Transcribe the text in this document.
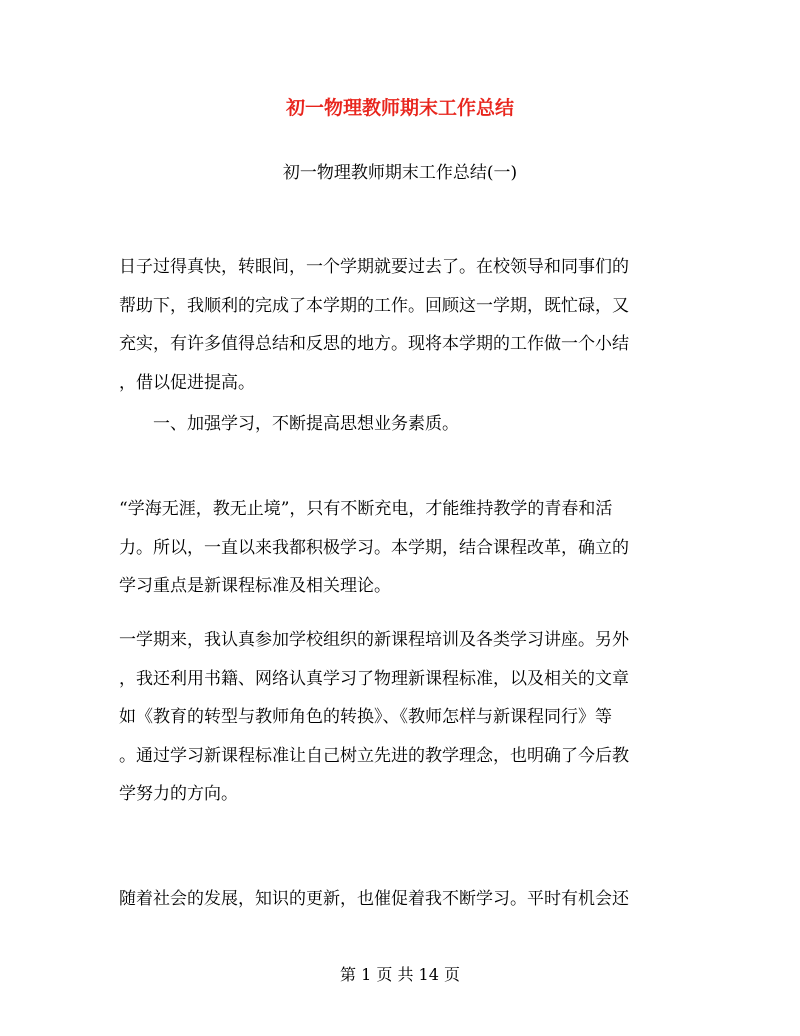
初一物理教师期末工作总结
初一物理教师期末工作总结(一)
日子过得真快，转眼间，一个学期就要过去了。在校领导和同事们的
帮助下，我顺利的完成了本学期的工作。回顾这一学期，既忙碌，又
充实，有许多值得总结和反思的地方。现将本学期的工作做一个小结
，借以促进提高。
一、加强学习，不断提高思想业务素质。
“学海无涯，教无止境”，只有不断充电，才能维持教学的青春和活
力。所以，一直以来我都积极学习。本学期，结合课程改革，确立的
学习重点是新课程标准及相关理论。
一学期来，我认真参加学校组织的新课程培训及各类学习讲座。另外
，我还利用书籍、网络认真学习了物理新课程标准，以及相关的文章
如《教育的转型与教师角色的转换》、《教师怎样与新课程同行》等
。通过学习新课程标准让自己树立先进的教学理念，也明确了今后教
学努力的方向。
随着社会的发展，知识的更新，也催促着我不断学习。平时有机会还
第 1 页 共 14 页
